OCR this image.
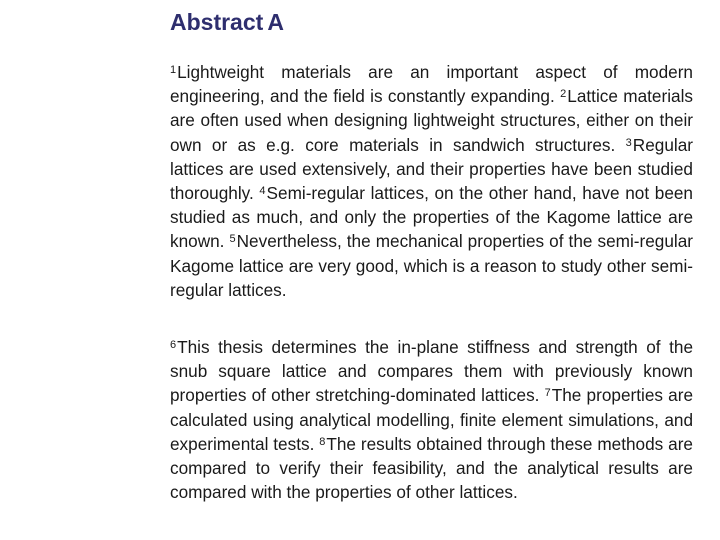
Abstract A

$^1$Lightweight materials are an important aspect of modern engineering, and the field is constantly expanding. $^2$Lattice materials are often used when designing lightweight structures, either on their own or as e.g. core materials in sandwich structures. $^3$Regular lattices are used extensively, and their properties have been studied thoroughly. $^4$Semi-regular lattices, on the other hand, have not been studied as much, and only the properties of the Kagome lattice are known. $^5$Nevertheless, the mechanical properties of the semi-regular Kagome lattice are very good, which is a reason to study other semi-regular lattices.

$^6$This thesis determines the in-plane stiffness and strength of the snub square lattice and compares them with previously known properties of other stretching-dominated lattices. $^7$The properties are calculated using analytical modelling, finite element simulations, and experimental tests. $^8$The results obtained through these methods are compared to verify their feasibility, and the analytical results are compared with the properties of other lattices.
